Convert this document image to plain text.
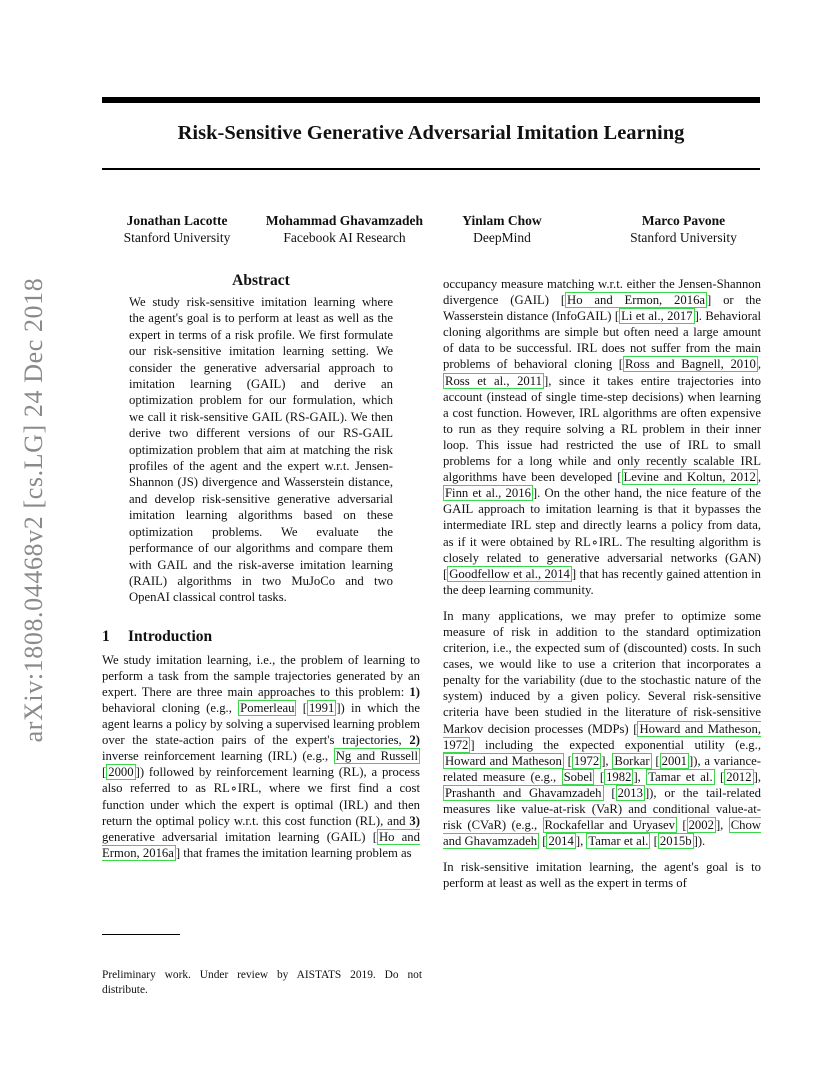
arXiv:1808.04468v2 [cs.LG] 24 Dec 2018
Risk-Sensitive Generative Adversarial Imitation Learning
Jonathan Lacotte
Stanford University
Mohammad Ghavamzadeh
Facebook AI Research
Yinlam Chow
DeepMind
Marco Pavone
Stanford University
Abstract

We study risk-sensitive imitation learning where the agent's goal is to perform at least as well as the expert in terms of a risk profile. We first formulate our risk-sensitive imitation learning setting. We consider the generative adversarial approach to imitation learning (GAIL) and derive an optimization problem for our formulation, which we call it risk-sensitive GAIL (RS-GAIL). We then derive two different versions of our RS-GAIL optimization problem that aim at matching the risk profiles of the agent and the expert w.r.t. Jensen-Shannon (JS) divergence and Wasserstein distance, and develop risk-sensitive generative adversarial imitation learning algorithms based on these optimization problems. We evaluate the performance of our algorithms and compare them with GAIL and the risk-averse imitation learning (RAIL) algorithms in two MuJoCo and two OpenAI classical control tasks.

1 Introduction

We study imitation learning, i.e., the problem of learning to perform a task from the sample trajectories generated by an expert. There are three main approaches to this problem: 1) behavioral cloning (e.g., Pomerleau [ 1991 ]) in which the agent learns a policy by solving a supervised learning problem over the state-action pairs of the expert's trajectories, 2) inverse reinforcement learning (IRL) (e.g., Ng and Russell [ 2000 ]) followed by reinforcement learning (RL), a process also referred to as RL∘IRL, where we first find a cost function under which the expert is optimal (IRL) and then return the optimal policy w.r.t. this cost function (RL), and 3) generative adversarial imitation learning (GAIL) [ Ho and Ermon, 2016a ] that frames the imitation learning problem as

occupancy measure matching w.r.t. either the Jensen-Shannon divergence (GAIL) [ Ho and Ermon, 2016a ] or the Wasserstein distance (InfoGAIL) [ Li et al., 2017 ]. Behavioral cloning algorithms are simple but often need a large amount of data to be successful. IRL does not suffer from the main problems of behavioral cloning [ Ross and Bagnell, 2010 , Ross et al., 2011 ], since it takes entire trajectories into account (instead of single time-step decisions) when learning a cost function. However, IRL algorithms are often expensive to run as they require solving a RL problem in their inner loop. This issue had restricted the use of IRL to small problems for a long while and only recently scalable IRL algorithms have been developed [ Levine and Koltun, 2012 , Finn et al., 2016 ]. On the other hand, the nice feature of the GAIL approach to imitation learning is that it bypasses the intermediate IRL step and directly learns a policy from data, as if it were obtained by RL∘IRL. The resulting algorithm is closely related to generative adversarial networks (GAN) [ Goodfellow et al., 2014 ] that has recently gained attention in the deep learning community.

In many applications, we may prefer to optimize some measure of risk in addition to the standard optimization criterion, i.e., the expected sum of (discounted) costs. In such cases, we would like to use a criterion that incorporates a penalty for the variability (due to the stochastic nature of the system) induced by a given policy. Several risk-sensitive criteria have been studied in the literature of risk-sensitive Markov decision processes (MDPs) [ Howard and Matheson, 1972 ] including the expected exponential utility (e.g., Howard and Matheson [ 1972 ], Borkar [ 2001 ]), a variance-related measure (e.g., Sobel [ 1982 ], Tamar et al. [ 2012 ], Prashanth and Ghavamzadeh [ 2013 ]), or the tail-related measures like value-at-risk (VaR) and conditional value-at-risk (CVaR) (e.g., Rockafellar and Uryasev [ 2002 ], Chow and Ghavamzadeh [ 2014 ], Tamar et al. [ 2015b ]).

In risk-sensitive imitation learning, the agent's goal is to perform at least as well as the expert in terms of

Preliminary work. Under review by AISTATS 2019. Do not distribute.
